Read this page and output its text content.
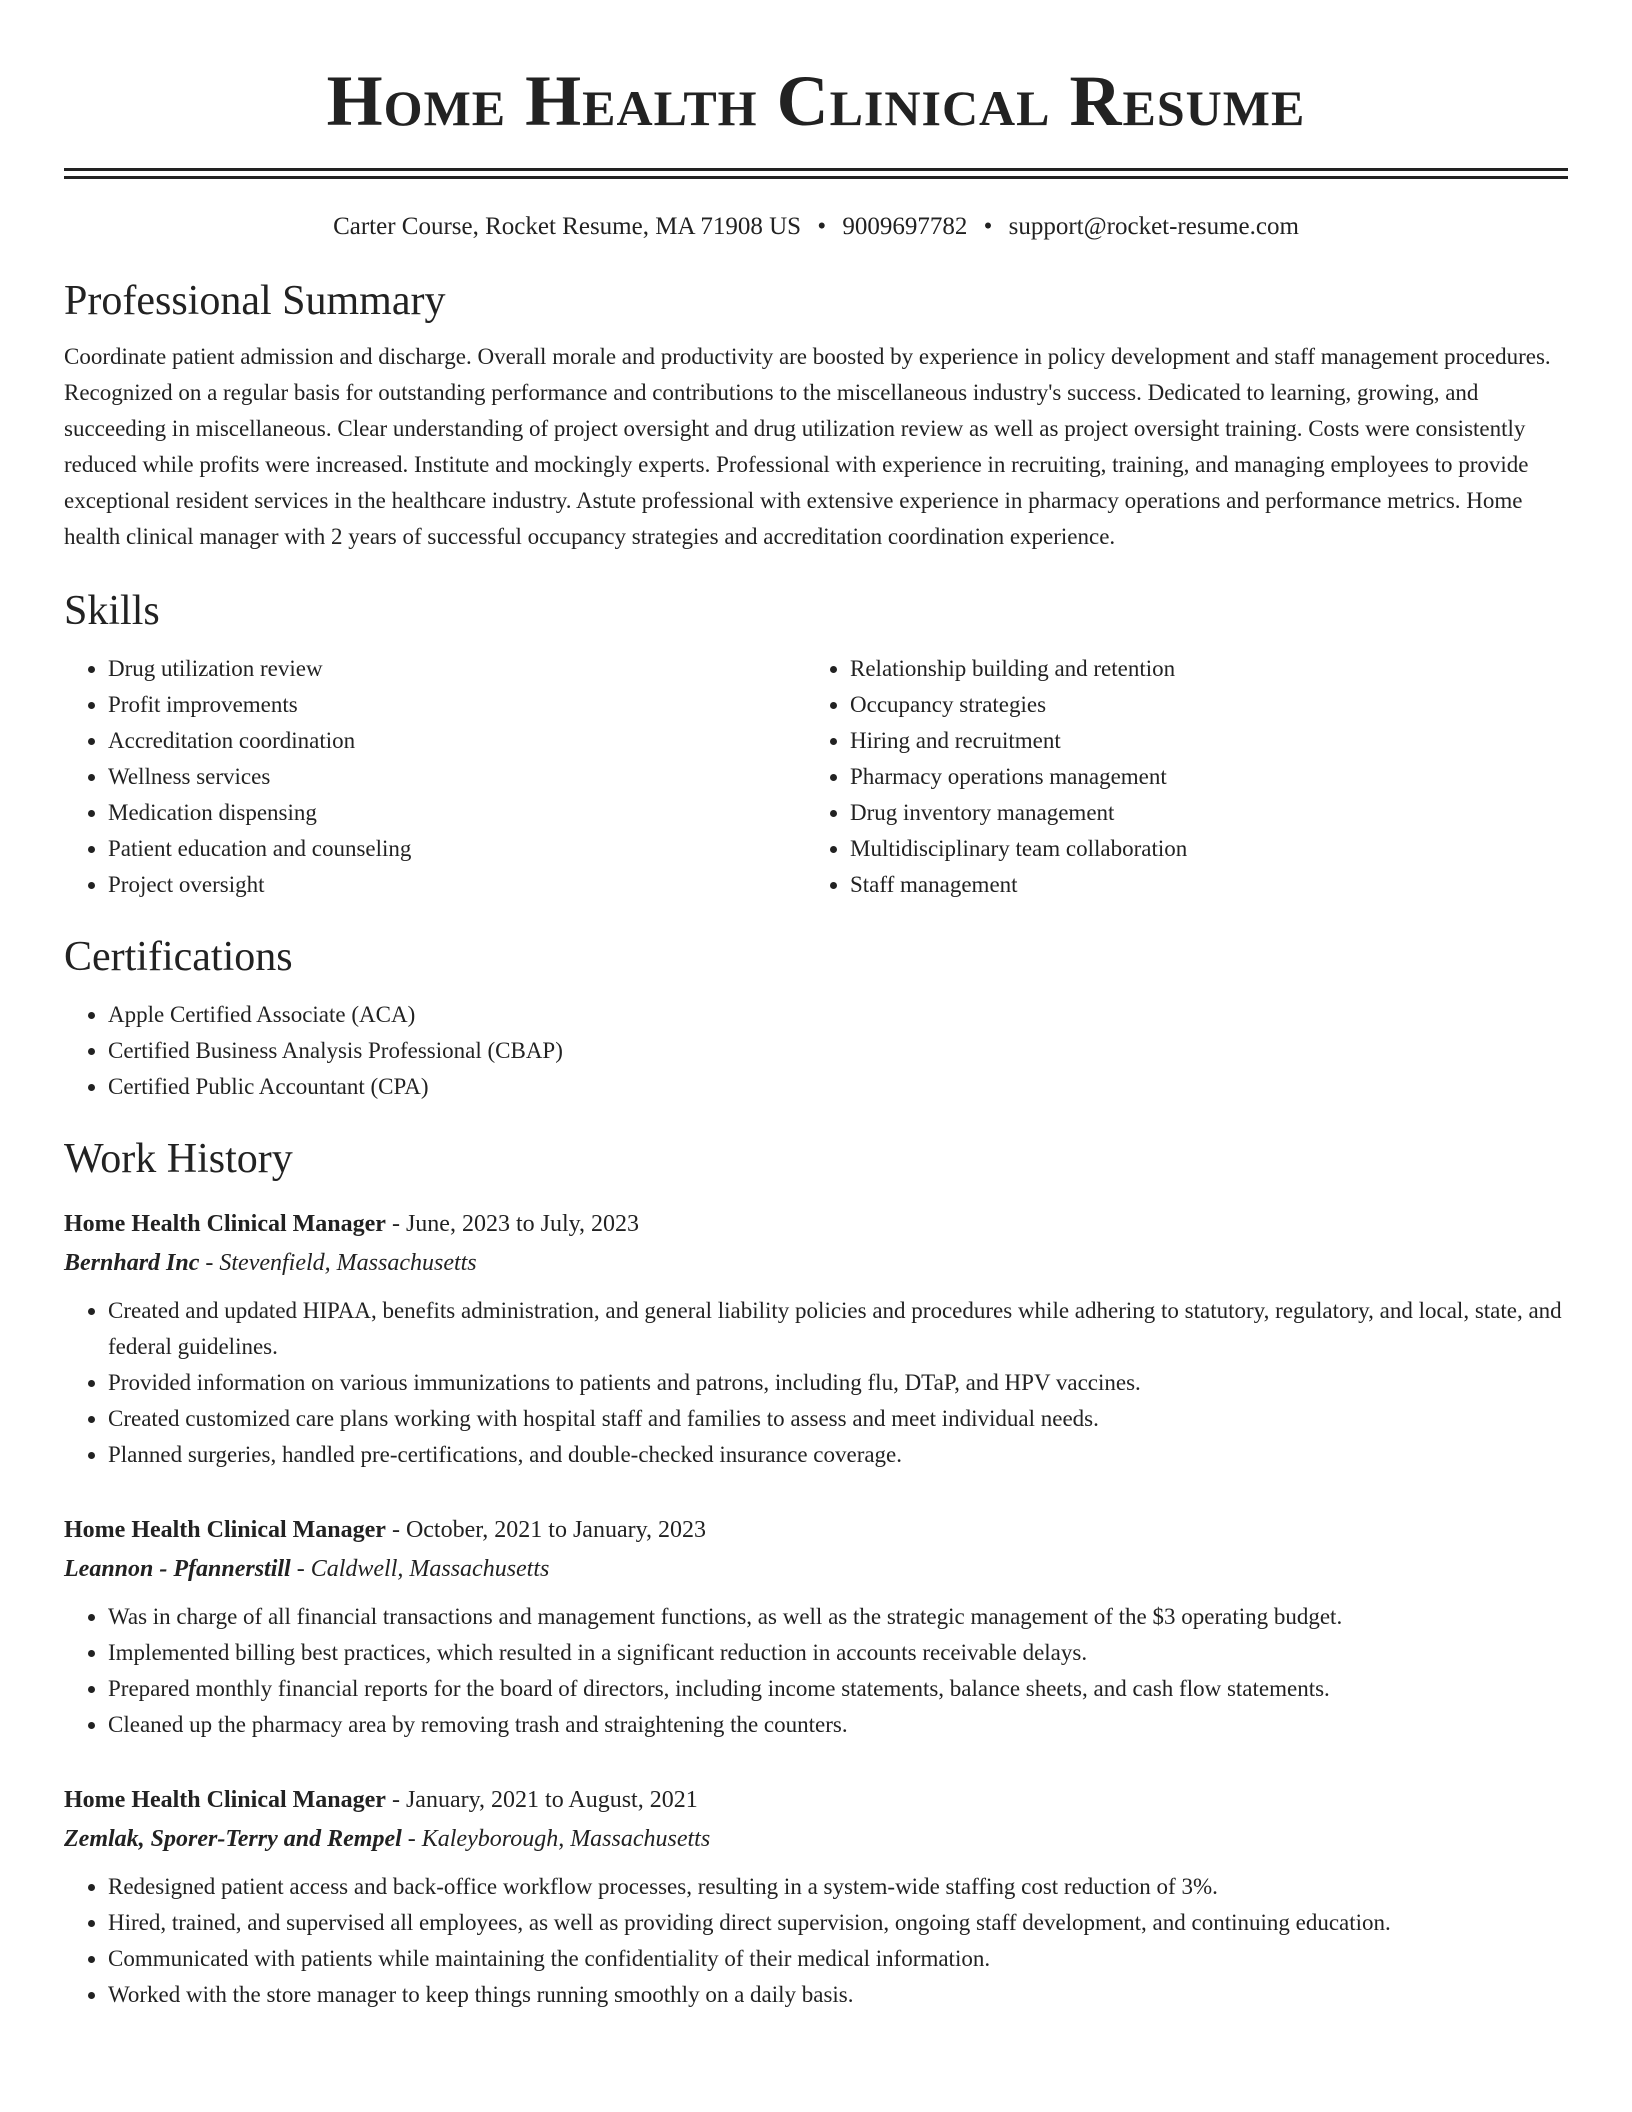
Home Health Clinical Resume
Carter Course, Rocket Resume, MA 71908 US • 9009697782 • support@rocket-resume.com
Professional Summary

Coordinate patient admission and discharge. Overall morale and productivity are boosted by experience in policy development and staff management procedures. Recognized on a regular basis for outstanding performance and contributions to the miscellaneous industry's success. Dedicated to learning, growing, and succeeding in miscellaneous. Clear understanding of project oversight and drug utilization review as well as project oversight training. Costs were consistently reduced while profits were increased. Institute and mockingly experts. Professional with experience in recruiting, training, and managing employees to provide exceptional resident services in the healthcare industry. Astute professional with extensive experience in pharmacy operations and performance metrics. Home health clinical manager with 2 years of successful occupancy strategies and accreditation coordination experience.

Skills
• Drug utilization review
• Profit improvements
• Accreditation coordination
• Wellness services
• Medication dispensing
• Patient education and counseling
• Project oversight
• Relationship building and retention
• Occupancy strategies
• Hiring and recruitment
• Pharmacy operations management
• Drug inventory management
• Multidisciplinary team collaboration
• Staff management
Certifications
• Apple Certified Associate (ACA)
• Certified Business Analysis Professional (CBAP)
• Certified Public Accountant (CPA)
Work History
Home Health Clinical Manager - June, 2023 to July, 2023
Bernhard Inc - Stevenfield, Massachusetts
• Created and updated HIPAA, benefits administration, and general liability policies and procedures while adhering to statutory, regulatory, and local, state, and federal guidelines.
• Provided information on various immunizations to patients and patrons, including flu, DTaP, and HPV vaccines.
• Created customized care plans working with hospital staff and families to assess and meet individual needs.
• Planned surgeries, handled pre-certifications, and double-checked insurance coverage.
Home Health Clinical Manager - October, 2021 to January, 2023
Leannon - Pfannerstill - Caldwell, Massachusetts
• Was in charge of all financial transactions and management functions, as well as the strategic management of the $3 operating budget.
• Implemented billing best practices, which resulted in a significant reduction in accounts receivable delays.
• Prepared monthly financial reports for the board of directors, including income statements, balance sheets, and cash flow statements.
• Cleaned up the pharmacy area by removing trash and straightening the counters.
Home Health Clinical Manager - January, 2021 to August, 2021
Zemlak, Sporer-Terry and Rempel - Kaleyborough, Massachusetts
• Redesigned patient access and back-office workflow processes, resulting in a system-wide staffing cost reduction of 3%.
• Hired, trained, and supervised all employees, as well as providing direct supervision, ongoing staff development, and continuing education.
• Communicated with patients while maintaining the confidentiality of their medical information.
• Worked with the store manager to keep things running smoothly on a daily basis.
